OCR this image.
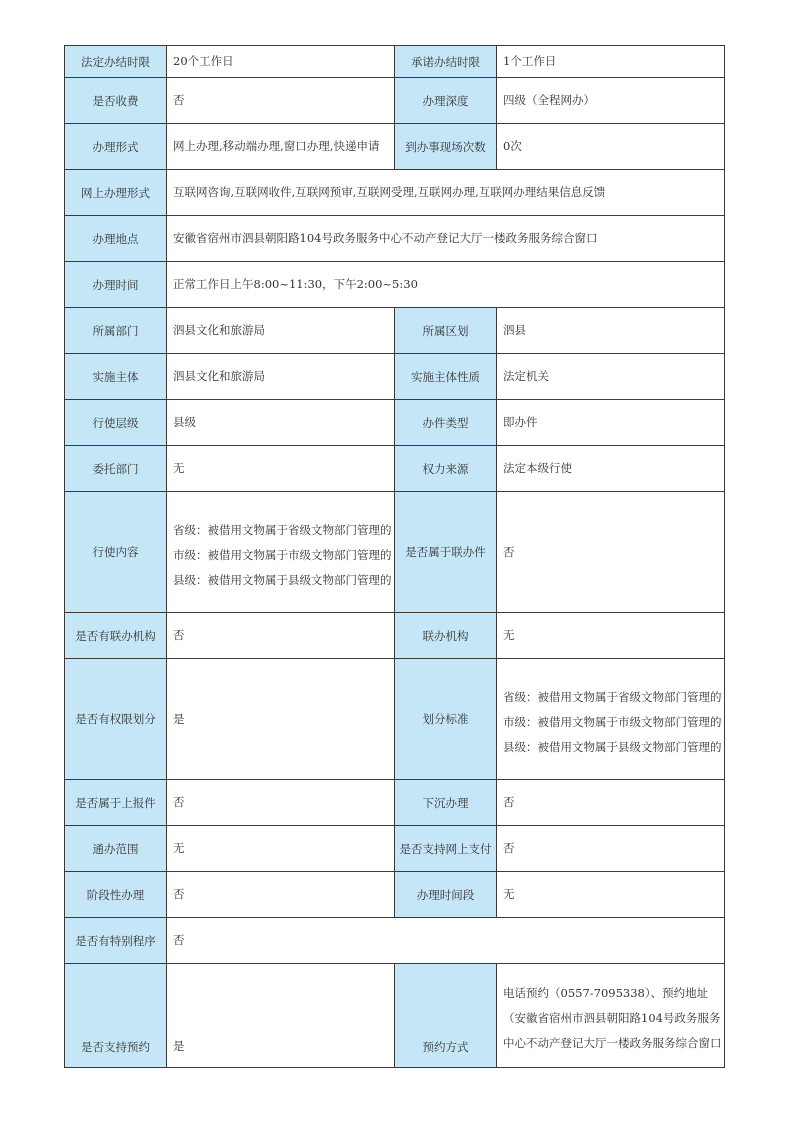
法定办结时限	20个工作日	承诺办结时限	1个工作日
是否收费	否	办理深度	四级（全程网办）
办理形式	网上办理,移动端办理,窗口办理,快递申请	到办事现场次数	0次
网上办理形式	互联网咨询,互联网收件,互联网预审,互联网受理,互联网办理,互联网办理结果信息反馈		
办理地点	安徽省宿州市泗县朝阳路104号政务服务中心不动产登记大厅一楼政务服务综合窗口		
办理时间	正常工作日上午8:00~11:30，下午2:00~5:30		
所属部门	泗县文化和旅游局	所属区划	泗县
实施主体	泗县文化和旅游局	实施主体性质	法定机关
行使层级	县级	办件类型	即办件
委托部门	无	权力来源	法定本级行使
行使内容	省级：被借用文物属于省级文物部门管理的 市级：被借用文物属于市级文物部门管理的 县级：被借用文物属于县级文物部门管理的	是否属于联办件	否
是否有联办机构	否	联办机构	无
是否有权限划分	是	划分标准	省级：被借用文物属于省级文物部门管理的 市级：被借用文物属于市级文物部门管理的 县级：被借用文物属于县级文物部门管理的
是否属于上报件	否	下沉办理	否
通办范围	无	是否支持网上支付	否
阶段性办理	否	办理时间段	无
是否有特别程序	否		
是否支持预约	是	预约方式	电话预约（0557-7095338）、预约地址（安徽省宿州市泗县朝阳路104号政务服务中心不动产登记大厅一楼政务服务综合窗口
